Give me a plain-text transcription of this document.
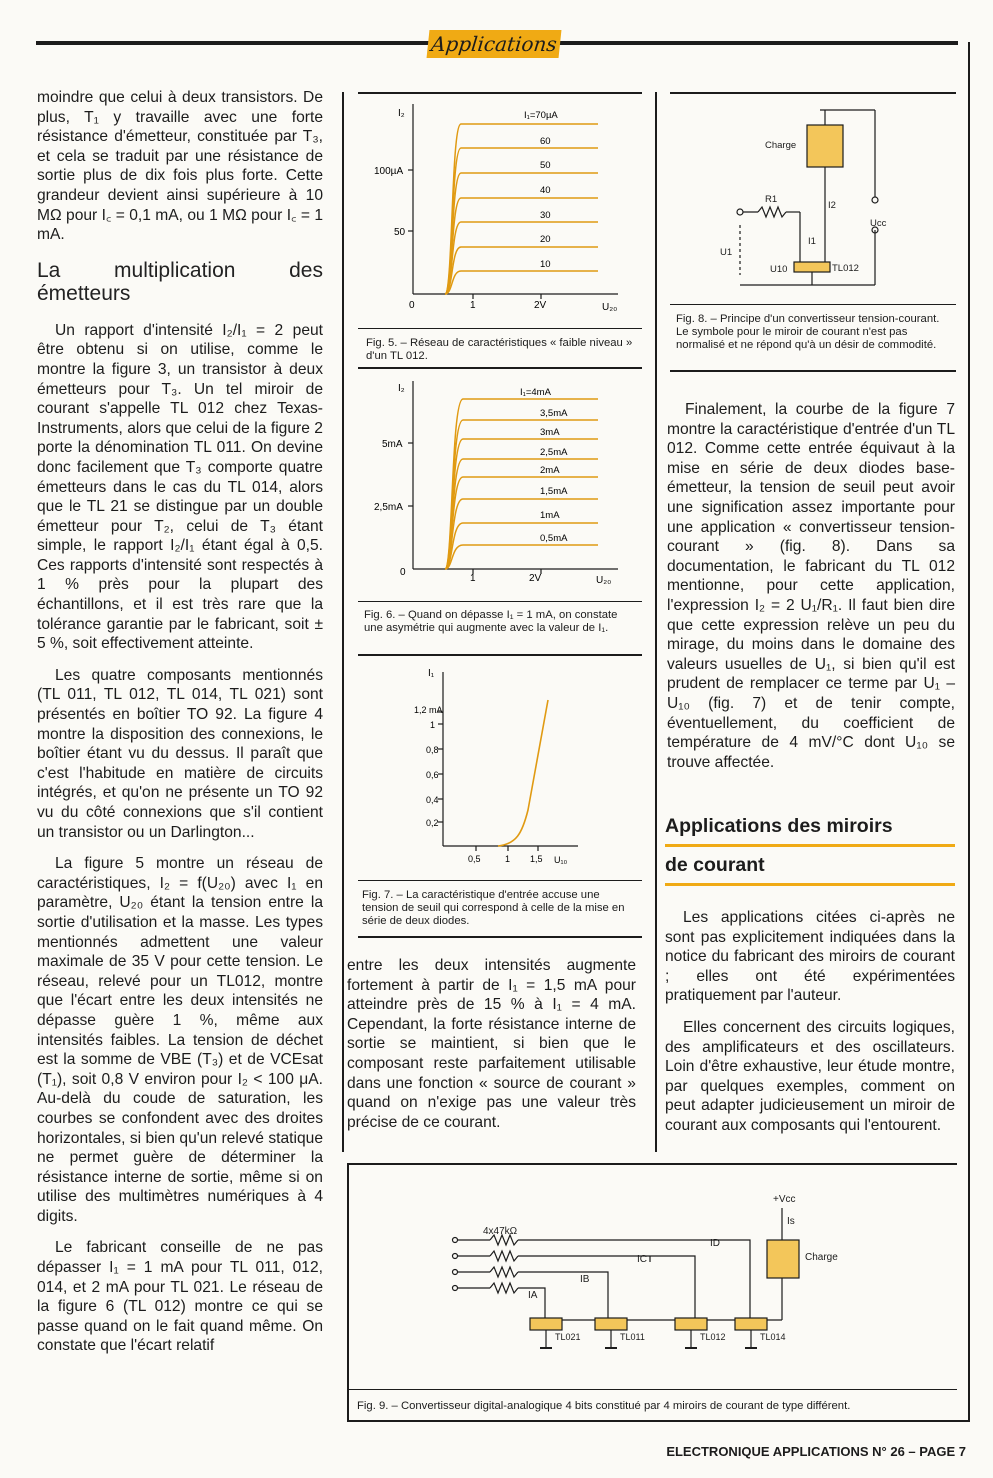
Applications

moindre que celui à deux transistors. De plus, T₁ y travaille avec une forte résistance d'émetteur, constituée par T₃, et cela se traduit par une résistance de sortie plus de dix fois plus forte. Cette grandeur devient ainsi supérieure à 10 MΩ pour I꜀ = 0,1 mA, ou 1 MΩ pour I꜀ = 1 mA.

La multiplication des émetteurs

Un rapport d'intensité I₂/I₁ = 2 peut être obtenu si on utilise, comme le montre la figure 3, un transistor à deux émetteurs pour T₃. Un tel miroir de courant s'appelle TL 012 chez Texas-Instruments, alors que celui de la figure 2 porte la dénomination TL 011. On devine donc facilement que T₃ comporte quatre émetteurs dans le cas du TL 014, alors que le TL 21 se distingue par un double émetteur pour T₂, celui de T₃ étant simple, le rapport I₂/I₁ étant égal à 0,5. Ces rapports d'intensité sont respectés à 1 % près pour la plupart des échantillons, et il est très rare que la tolérance garantie par le fabricant, soit ± 5 %, soit effectivement atteinte.

Les quatre composants mentionnés (TL 011, TL 012, TL 014, TL 021) sont présentés en boîtier TO 92. La figure 4 montre la disposition des connexions, le boîtier étant vu du dessus. Il paraît que c'est l'habitude en matière de circuits intégrés, et qu'on ne présente un TO 92 vu du côté connexions que s'il contient un transistor ou un Darlington...

La figure 5 montre un réseau de caractéristiques, I₂ = f(U₂₀) avec I₁ en paramètre, U₂₀ étant la tension entre la sortie d'utilisation et la masse. Les types mentionnés admettent une valeur maximale de 35 V pour cette tension. Le réseau, relevé pour un TL012, montre que l'écart entre les deux intensités ne dépasse guère 1 %, même aux intensités faibles. La tension de déchet est la somme de VBE (T₃) et de VCEsat (T₁), soit 0,8 V environ pour I₂ < 100 μA. Au-delà du coude de saturation, les courbes se confondent avec des droites horizontales, si bien qu'un relevé statique ne permet guère de déterminer la résistance interne de sortie, même si on utilise des multimètres numériques à 4 digits.

Le fabricant conseille de ne pas dépasser I₁ = 1 mA pour TL 011, 012, 014, et 2 mA pour TL 021. Le réseau de la figure 6 (TL 012) montre ce qui se passe quand on le fait quand même. On constate que l'écart relatif

I₂
100µA
50
0	1	2V	U₂₀
I₁=70µA
60
50
40
30
20
10
Fig. 5. – Réseau de caractéristiques « faible niveau » d'un TL 012.
I₂
5mA
2,5mA
0
1	2V	U₂₀
I₁=4mA
3,5mA
3mA
2,5mA
2mA
1,5mA
1mA
0,5mA
Fig. 6. – Quand on dépasse I₁ = 1 mA, on constate une asymétrie qui augmente avec la valeur de I₁.
I₁
1,2 mA
1
0,8
0,6
0,4
0,2
0,5	1 1,5 U₁₀
Fig. 7. – La caractéristique d'entrée accuse une tension de seuil qui correspond à celle de la mise en série de deux diodes.

entre les deux intensités augmente fortement à partir de I₁ = 1,5 mA pour atteindre près de 15 % à I₁ = 4 mA. Cependant, la forte résistance interne de sortie se maintient, si bien que le composant reste parfaitement utilisable dans une fonction « source de courant » quand on n'exige pas une valeur très précise de ce courant.

Charge
R1
I2
I1
Ucc
U1
U10	TL012
Fig. 8. – Principe d'un convertisseur tension-courant. Le symbole pour le miroir de courant n'est pas normalisé et ne répond qu'à un désir de commodité.

Finalement, la courbe de la figure 7 montre la caractéristique d'entrée d'un TL 012. Comme cette entrée équivaut à la mise en série de deux diodes base-émetteur, la tension de seuil peut avoir une signification assez importante pour une application « convertisseur tension-courant » (fig. 8). Dans sa documentation, le fabricant du TL 012 mentionne, pour cette application, l'expression I₂ = 2 U₁/R₁. Il faut bien dire que cette expression relève un peu du mirage, du moins dans le domaine des valeurs usuelles de U₁, si bien qu'il est prudent de remplacer ce terme par U₁ – U₁₀ (fig. 7) et de tenir compte, éventuellement, du coefficient de température de 4 mV/°C dont U₁₀ se trouve affectée.

Applications des miroirs
de courant

Les applications citées ci-après ne sont pas explicitement indiquées dans la notice du fabricant des miroirs de courant ; elles ont été expérimentées pratiquement par l'auteur.

Elles concernent des circuits logiques, des amplificateurs et des oscillateurs. Loin d'être exhaustive, leur étude montre, par quelques exemples, comment on peut adapter judicieusement un miroir de courant aux composants qui l'entourent.

+Vcc
Is
Charge
4x47kΩ
ID
IC
IB
IA
TL021	TL011	TL012	TL014
Fig. 9. – Convertisseur digital-analogique 4 bits constitué par 4 miroirs de courant de type différent.
ELECTRONIQUE APPLICATIONS N° 26 – PAGE 7
